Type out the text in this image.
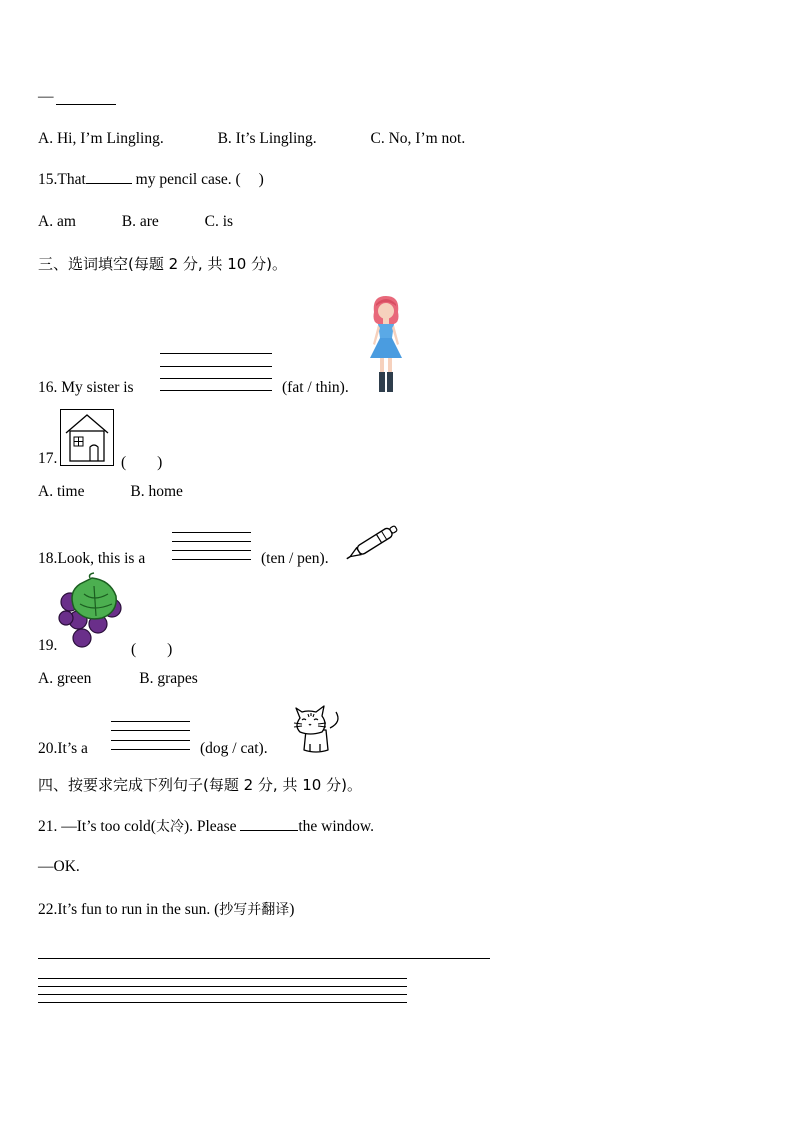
—
A. Hi, I’m Lingling.	B. It’s Lingling.	C. No, I’m not.
15.That	my pencil case. ( )
A. am	B. are	C. is
三、选词填空(每题 2 分, 共 10 分)。
16. My sister is	(fat / thin).
17.	(　　)
A. time	B. home
18.Look, this is a	(ten / pen).
19.	(　　)
A. green	B. grapes
20.It’s a	(dog / cat).
四、按要求完成下列句子(每题 2 分, 共 10 分)。
21. —It’s too cold(太冷). Please	the window.
—OK.
22.It’s fun to run in the sun. (抄写并翻译)
